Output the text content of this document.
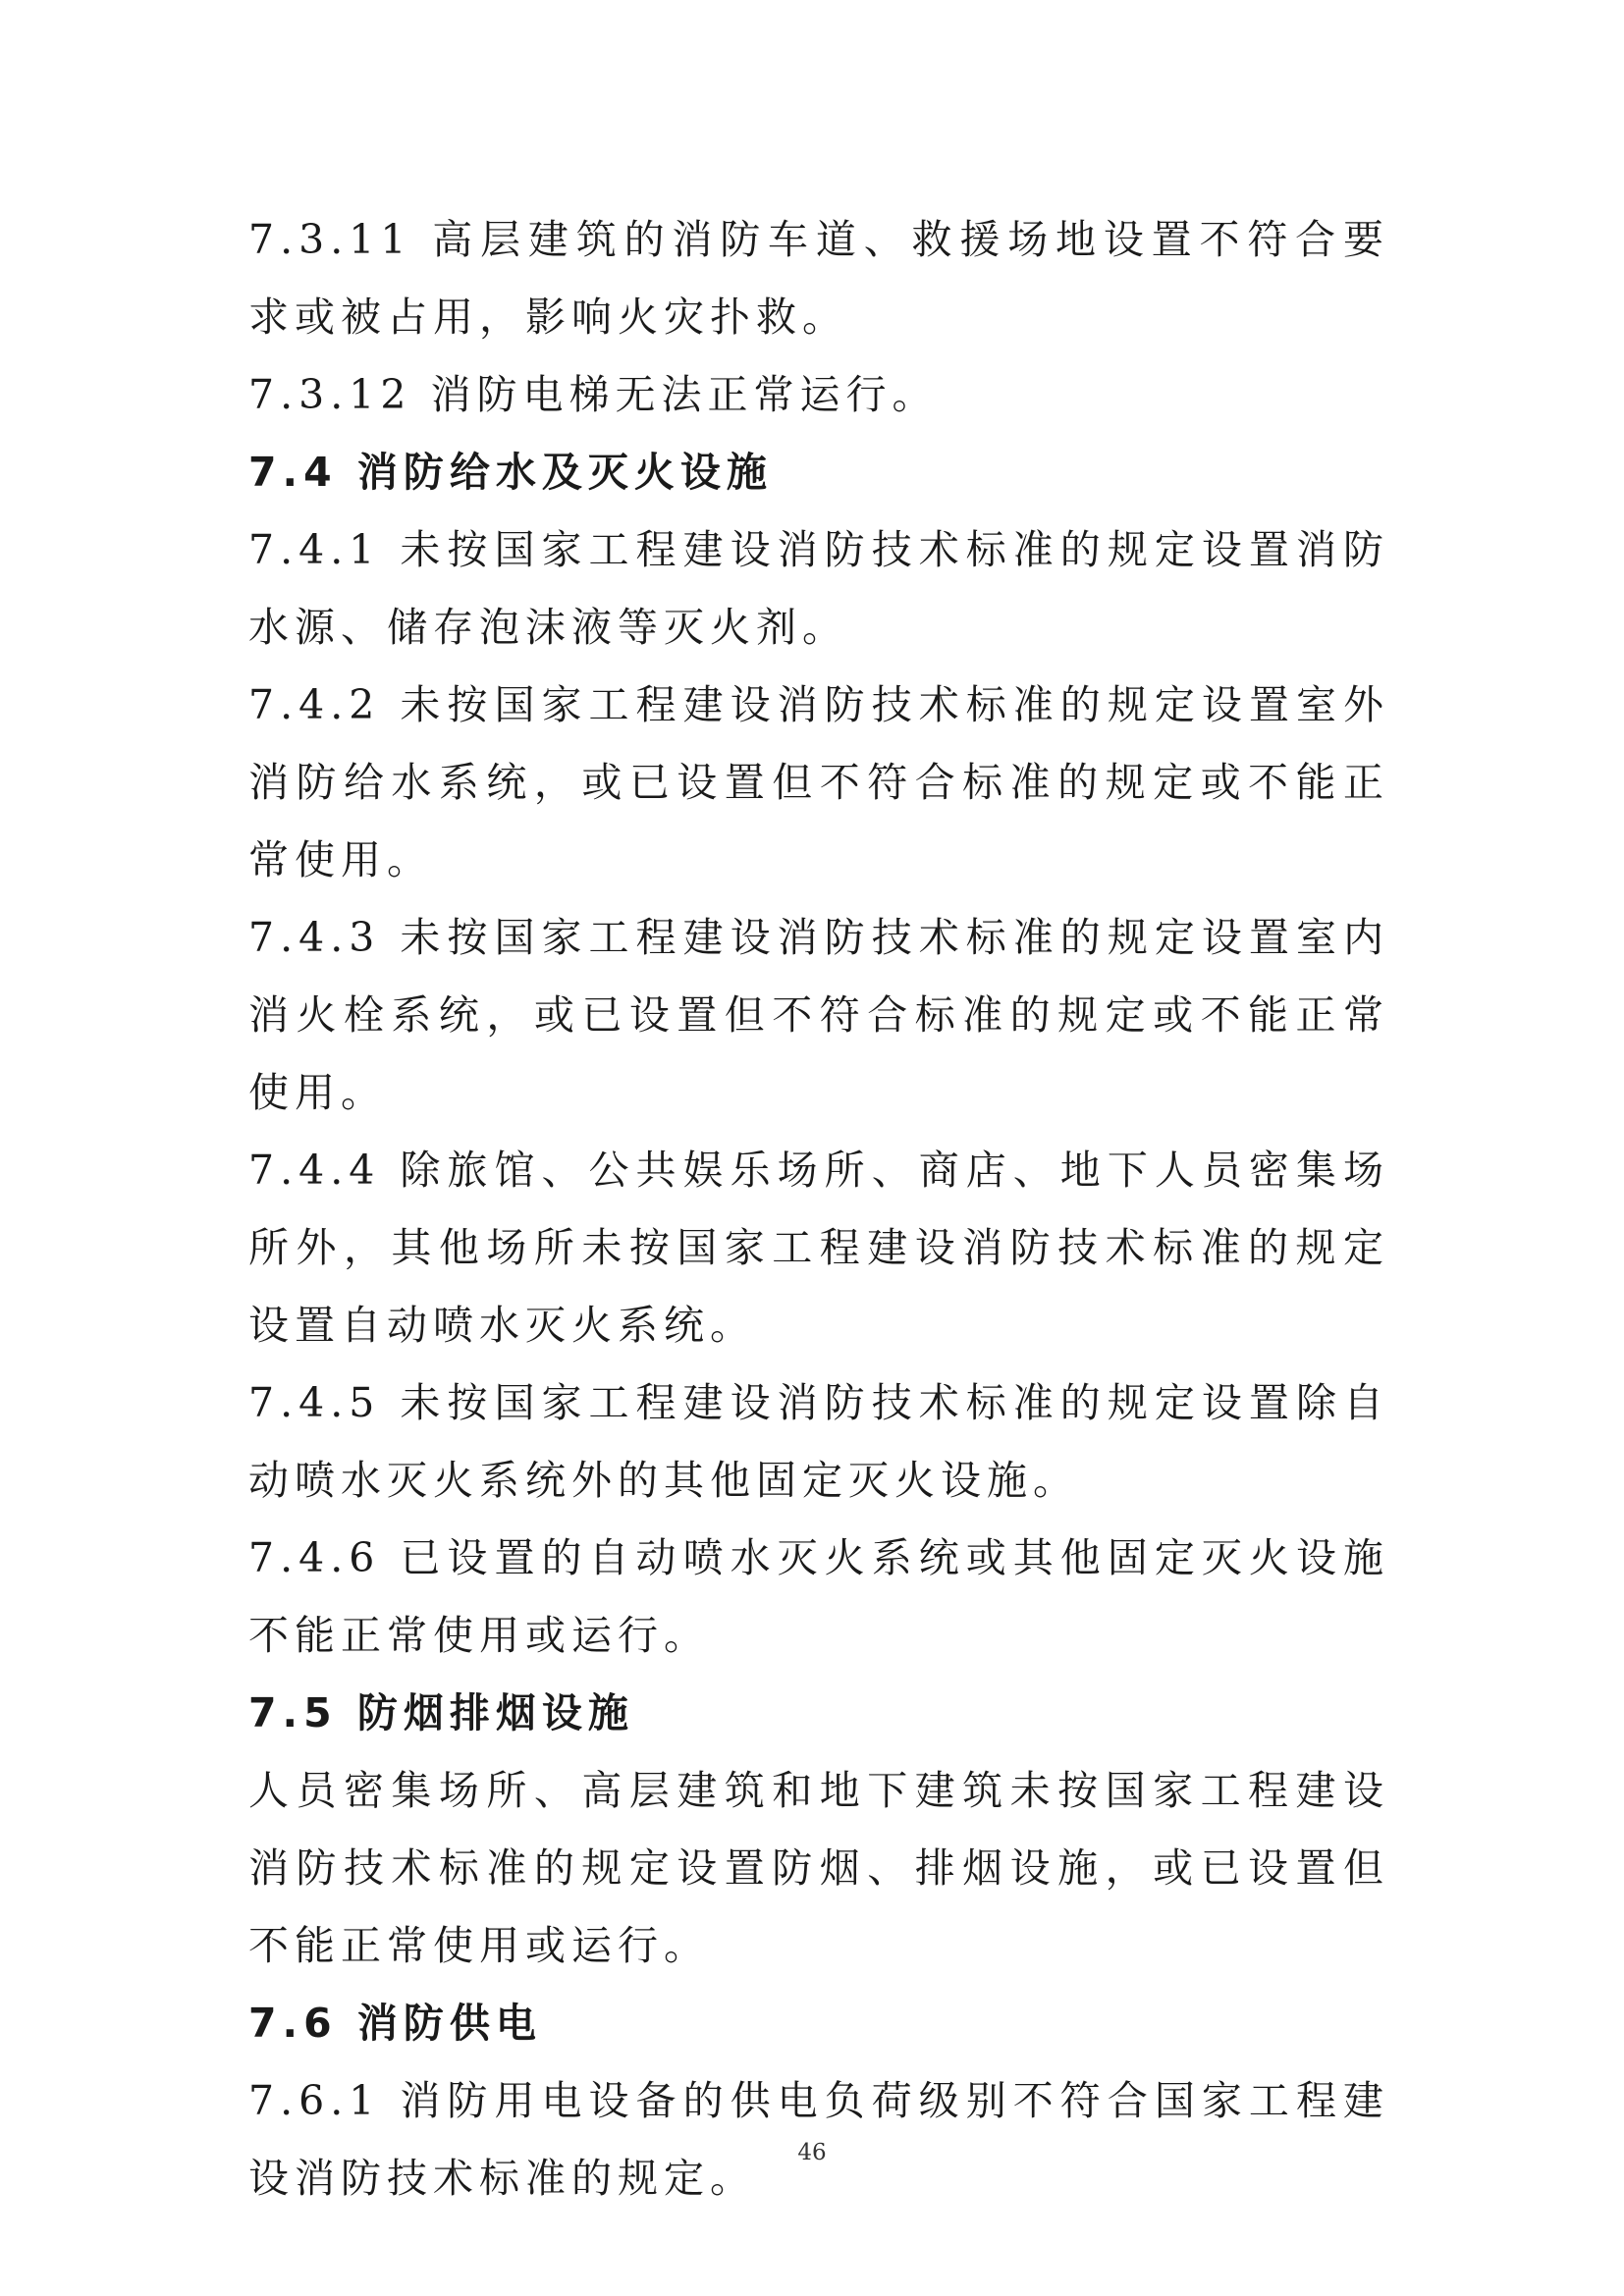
7.3.11 高层建筑的消防车道、救援场地设置不符合要求或被占用，影响火灾扑救。

7.3.12 消防电梯无法正常运行。

7.4 消防给水及灭火设施

7.4.1 未按国家工程建设消防技术标准的规定设置消防水源、储存泡沫液等灭火剂。

7.4.2 未按国家工程建设消防技术标准的规定设置室外消防给水系统，或已设置但不符合标准的规定或不能正常使用。

7.4.3 未按国家工程建设消防技术标准的规定设置室内消火栓系统，或已设置但不符合标准的规定或不能正常使用。

7.4.4 除旅馆、公共娱乐场所、商店、地下人员密集场所外，其他场所未按国家工程建设消防技术标准的规定设置自动喷水灭火系统。

7.4.5 未按国家工程建设消防技术标准的规定设置除自动喷水灭火系统外的其他固定灭火设施。

7.4.6 已设置的自动喷水灭火系统或其他固定灭火设施不能正常使用或运行。

7.5 防烟排烟设施

人员密集场所、高层建筑和地下建筑未按国家工程建设消防技术标准的规定设置防烟、排烟设施，或已设置但不能正常使用或运行。

7.6 消防供电

7.6.1 消防用电设备的供电负荷级别不符合国家工程建设消防技术标准的规定。

46
